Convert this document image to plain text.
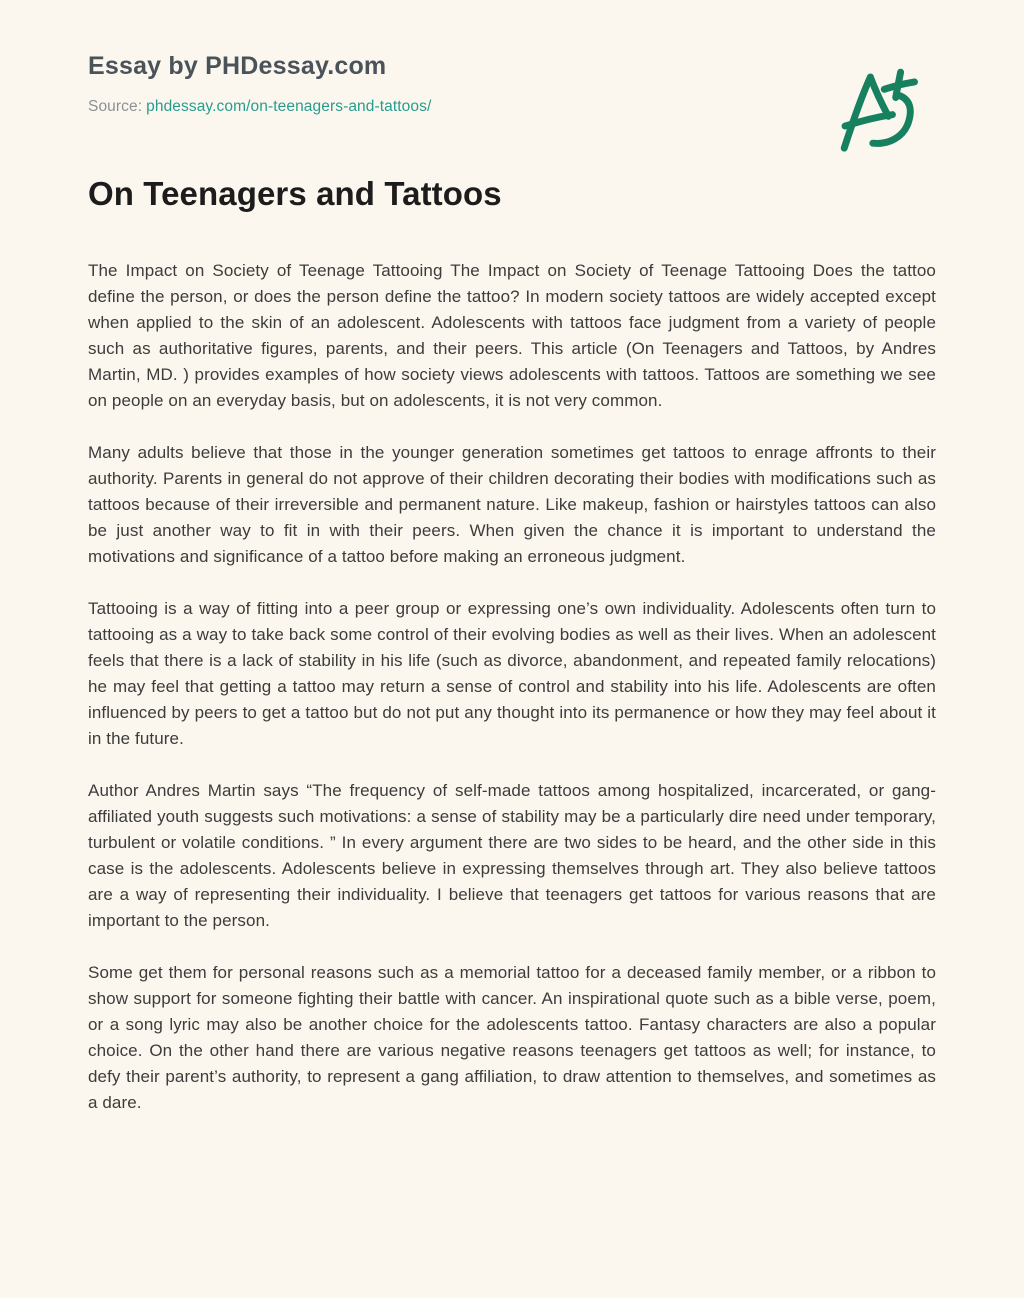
Essay by PHDessay.com
Source: phdessay.com/on-teenagers-and-tattoos/
On Teenagers and Tattoos

The Impact on Society of Teenage Tattooing The Impact on Society of Teenage Tattooing Does the tattoo define the person, or does the person define the tattoo? In modern society tattoos are widely accepted except when applied to the skin of an adolescent. Adolescents with tattoos face judgment from a variety of people such as authoritative figures, parents, and their peers. This article (On Teenagers and Tattoos, by Andres Martin, MD. ) provides examples of how society views adolescents with tattoos. Tattoos are something we see on people on an everyday basis, but on adolescents, it is not very common.

Many adults believe that those in the younger generation sometimes get tattoos to enrage affronts to their authority. Parents in general do not approve of their children decorating their bodies with modifications such as tattoos because of their irreversible and permanent nature. Like makeup, fashion or hairstyles tattoos can also be just another way to fit in with their peers. When given the chance it is important to understand the motivations and significance of a tattoo before making an erroneous judgment.

Tattooing is a way of fitting into a peer group or expressing one’s own individuality. Adolescents often turn to tattooing as a way to take back some control of their evolving bodies as well as their lives. When an adolescent feels that there is a lack of stability in his life (such as divorce, abandonment, and repeated family relocations) he may feel that getting a tattoo may return a sense of control and stability into his life. Adolescents are often influenced by peers to get a tattoo but do not put any thought into its permanence or how they may feel about it in the future.

Author Andres Martin says “The frequency of self-made tattoos among hospitalized, incarcerated, or gang-affiliated youth suggests such motivations: a sense of stability may be a particularly dire need under temporary, turbulent or volatile conditions. ” In every argument there are two sides to be heard, and the other side in this case is the adolescents. Adolescents believe in expressing themselves through art. They also believe tattoos are a way of representing their individuality. I believe that teenagers get tattoos for various reasons that are important to the person.

Some get them for personal reasons such as a memorial tattoo for a deceased family member, or a ribbon to show support for someone fighting their battle with cancer. An inspirational quote such as a bible verse, poem, or a song lyric may also be another choice for the adolescents tattoo. Fantasy characters are also a popular choice. On the other hand there are various negative reasons teenagers get tattoos as well; for instance, to defy their parent’s authority, to represent a gang affiliation, to draw attention to themselves, and sometimes as a dare.
